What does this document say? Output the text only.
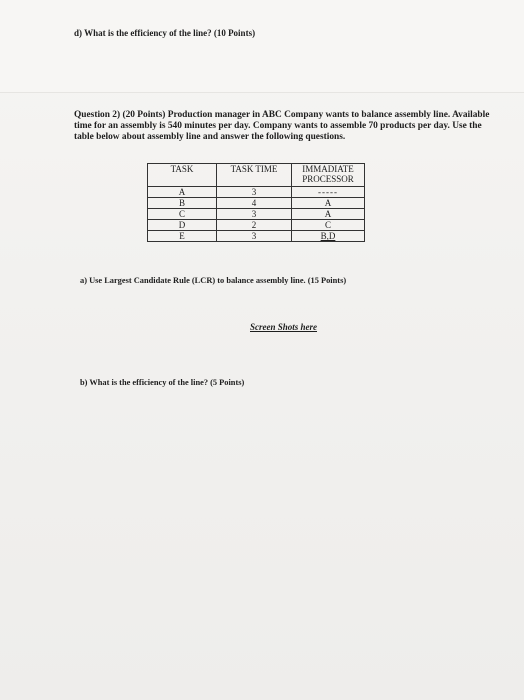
d) What is the efficiency of the line? (10 Points)
Question 2) (20 Points) Production manager in ABC Company wants to balance assembly line. Available time for an assembly is 540 minutes per day. Company wants to assemble 70 products per day. Use the table below about assembly line and answer the following questions.
TASK	TASK TIME	IMMADIATE PROCESSOR
A	3	-----
B	4	A
C	3	A
D	2	C
E	3	B,D
a) Use Largest Candidate Rule (LCR) to balance assembly line. (15 Points)
Screen Shots here
b) What is the efficiency of the line? (5 Points)
